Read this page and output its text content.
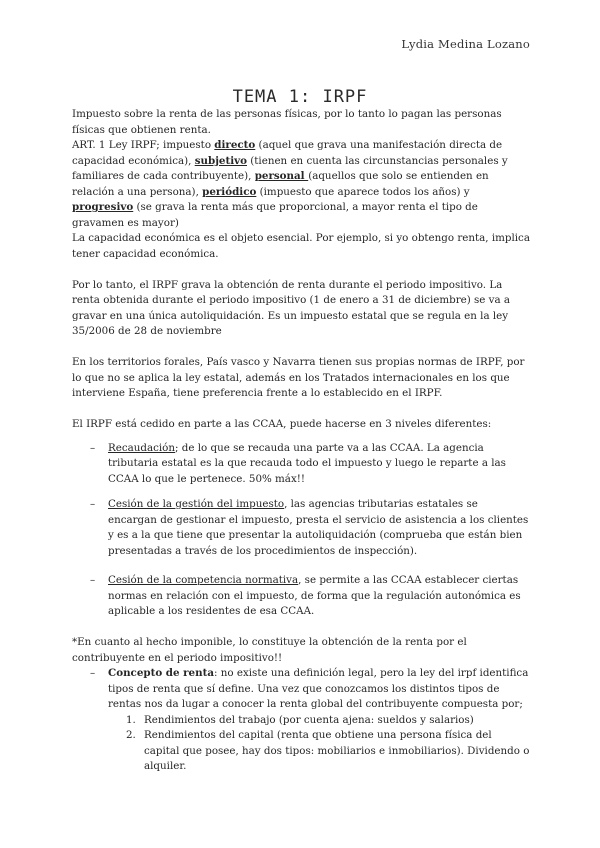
Lydia Medina Lozano
TEMA 1: IRPF

Impuesto sobre la renta de las personas físicas, por lo tanto lo pagan las personas físicas que obtienen renta.

ART. 1 Ley IRPF; impuesto directo (aquel que grava una manifestación directa de capacidad económica), subjetivo (tienen en cuenta las circunstancias personales y familiares de cada contribuyente), personal (aquellos que solo se entienden en relación a una persona), periódico (impuesto que aparece todos los años) y progresivo (se grava la renta más que proporcional, a mayor renta el tipo de gravamen es mayor)

La capacidad económica es el objeto esencial. Por ejemplo, si yo obtengo renta, implica tener capacidad económica.

Por lo tanto, el IRPF grava la obtención de renta durante el periodo impositivo. La renta obtenida durante el periodo impositivo (1 de enero a 31 de diciembre) se va a gravar en una única autoliquidación. Es un impuesto estatal que se regula en la ley 35/2006 de 28 de noviembre

En los territorios forales, País vasco y Navarra tienen sus propias normas de IRPF, por lo que no se aplica la ley estatal, además en los Tratados internacionales en los que interviene España, tiene preferencia frente a lo establecido en el IRPF.

El IRPF está cedido en parte a las CCAA, puede hacerse en 3 niveles diferentes:

– Recaudación; de lo que se recauda una parte va a las CCAA. La agencia tributaria estatal es la que recauda todo el impuesto y luego le reparte a las CCAA lo que le pertenece. 50% máx!!
– Cesión de la gestión del impuesto, las agencias tributarias estatales se encargan de gestionar el impuesto, presta el servicio de asistencia a los clientes y es a la que tiene que presentar la autoliquidación (comprueba que están bien presentadas a través de los procedimientos de inspección).
– Cesión de la competencia normativa, se permite a las CCAA establecer ciertas normas en relación con el impuesto, de forma que la regulación autonómica es aplicable a los residentes de esa CCAA.

*En cuanto al hecho imponible, lo constituye la obtención de la renta por el contribuyente en el periodo impositivo!!

– Concepto de renta: no existe una definición legal, pero la ley del irpf identifica tipos de renta que sí define. Una vez que conozcamos los distintos tipos de rentas nos da lugar a conocer la renta global del contribuyente compuesta por;
1. Rendimientos del trabajo (por cuenta ajena: sueldos y salarios)
2. Rendimientos del capital (renta que obtiene una persona física del capital que posee, hay dos tipos: mobiliarios e inmobiliarios). Dividendo o alquiler.
